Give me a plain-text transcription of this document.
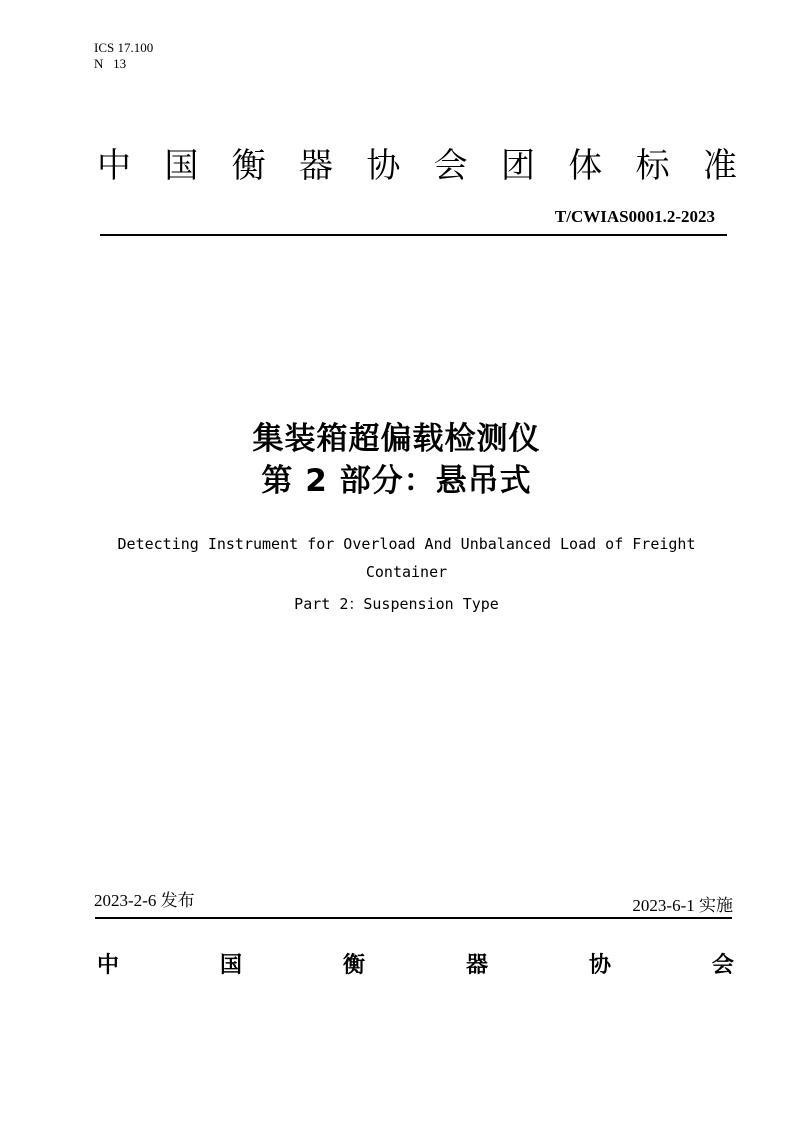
ICS 17.100
N   13
中 国 衡 器 协 会 团 体 标 准
T/CWIAS0001.2-2023
集装箱超偏载检测仪
第 2 部分：悬吊式
Detecting Instrument for Overload And Unbalanced Load of Freight Container
Part 2：Suspension Type
2023-2-6 发布	2023-6-1 实施
中	国	衡	器	协	会
